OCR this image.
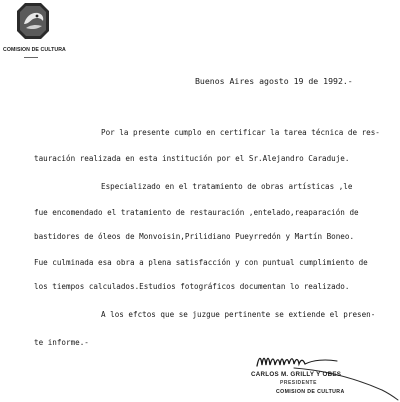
COMISION DE CULTURA
Buenos Aires agosto 19 de 1992.-
Por la presente cumplo en certificar la tarea técnica de res-
tauración realizada en esta institución por el Sr.Alejandro Caraduje.
Especializado en el tratamiento de obras artísticas ,le
fue encomendado el tratamiento de restauración ,entelado,reaparación de
bastidores de óleos de Monvoisin,Prilidiano Pueyrredón y Martín Boneo.
Fue culminada esa obra a plena satisfacción y con puntual cumplimiento de
los tiempos calculados.Estudios fotográficos documentan lo realizado.
A los efctos que se juzgue pertinente se extiende el presen-
te informe.-
CARLOS M. GRILLY Y OBES
PRESIDENTE
COMISION DE CULTURA
